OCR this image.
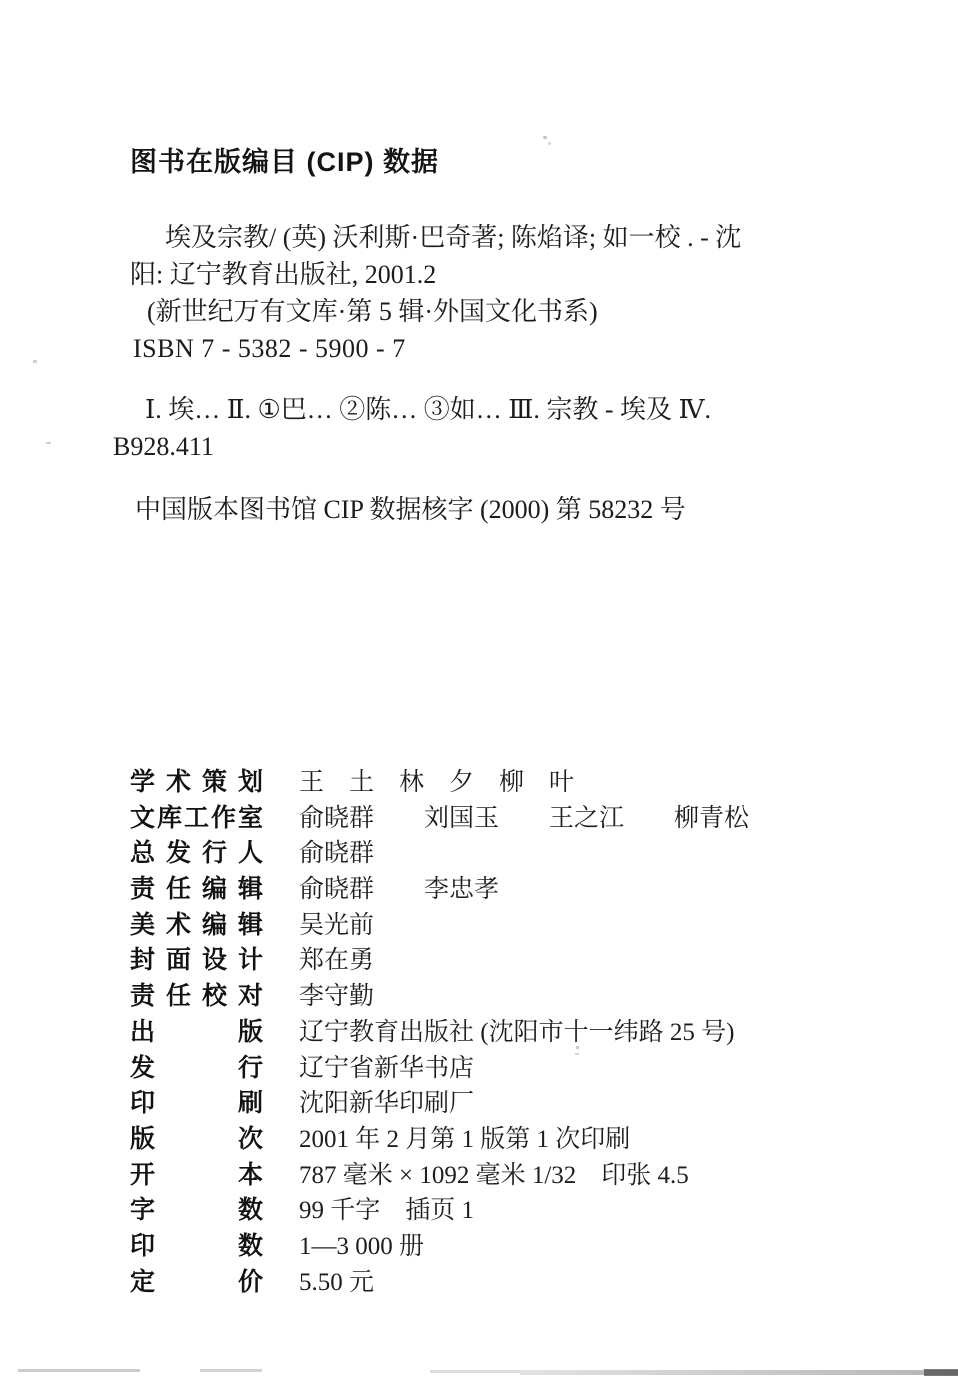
图书在版编目 (CIP) 数据
埃及宗教/ (英) 沃利斯·巴奇著; 陈焰译; 如一校 . - 沈
阳: 辽宁教育出版社, 2001.2
(新世纪万有文库·第 5 辑·外国文化书系)
ISBN 7 - 5382 - 5900 - 7
Ⅰ. 埃… Ⅱ. ①巴… ②陈… ③如… Ⅲ. 宗教 - 埃及 Ⅳ.
B928.411
中国版本图书馆 CIP 数据核字 (2000) 第 58232 号
学术策划 王　土　林　夕　柳　叶
文库工作室 俞晓群　　刘国玉　　王之江　　柳青松
总发行人 俞晓群
责任编辑 俞晓群　　李忠孝
美术编辑 吴光前
封面设计 郑在勇
责任校对 李守勤
出版 辽宁教育出版社 (沈阳市十一纬路 25 号)
发行 辽宁省新华书店
印刷 沈阳新华印刷厂
版次 2001 年 2 月第 1 版第 1 次印刷
开本 787 毫米 × 1092 毫米 1/32　印张 4.5
字数 99 千字　插页 1
印数 1—3 000 册
定价 5.50 元
